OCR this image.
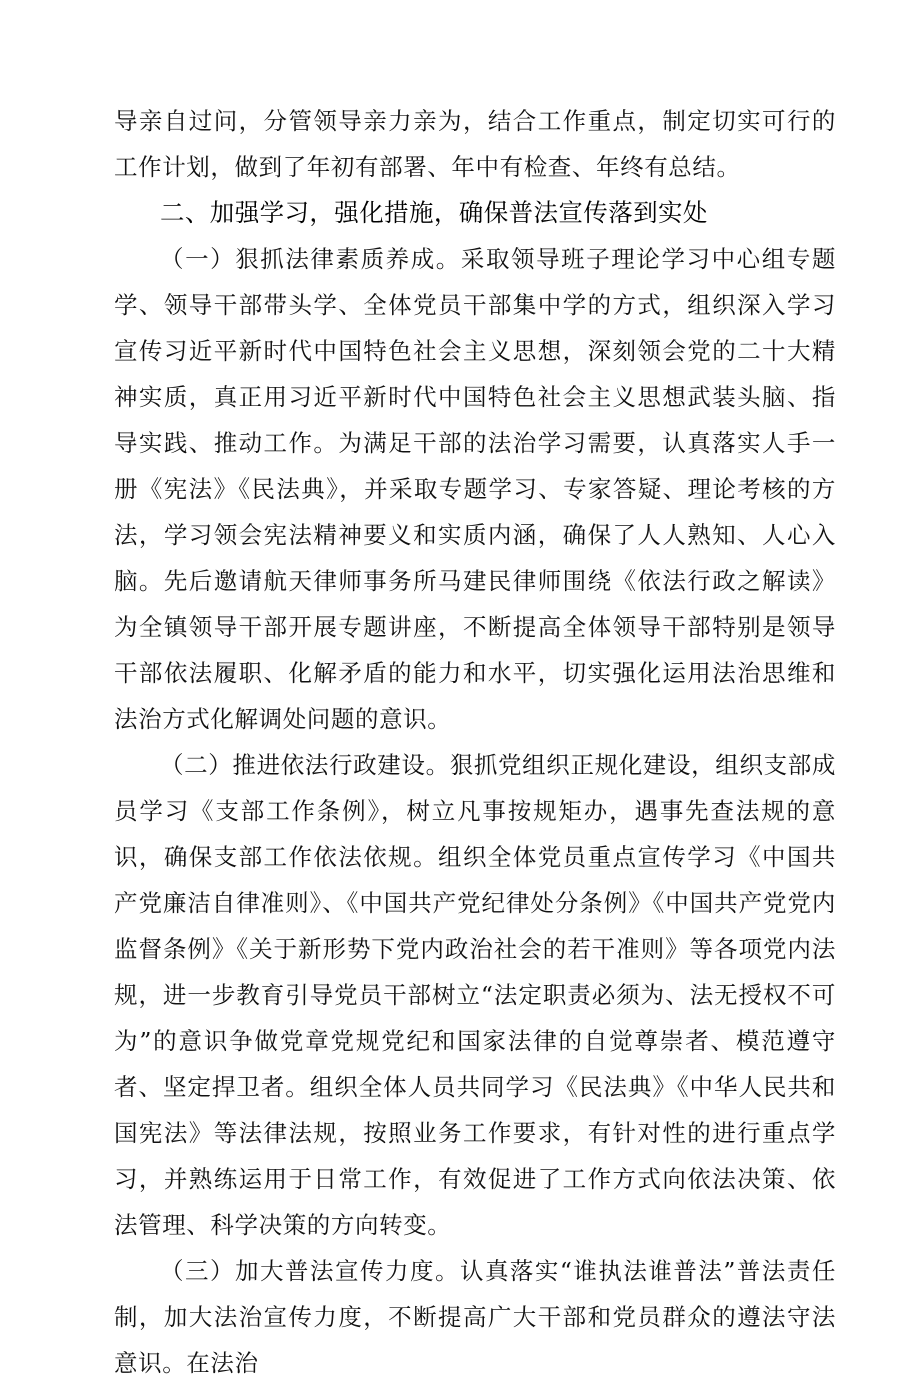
导亲自过问，分管领导亲力亲为，结合工作重点，制定切实可行的工作计划，做到了年初有部署、年中有检查、年终有总结。

二、加强学习，强化措施，确保普法宣传落到实处

（一）狠抓法律素质养成。采取领导班子理论学习中心组专题学、领导干部带头学、全体党员干部集中学的方式，组织深入学习宣传习近平新时代中国特色社会主义思想，深刻领会党的二十大精神实质，真正用习近平新时代中国特色社会主义思想武装头脑、指导实践、推动工作。为满足干部的法治学习需要，认真落实人手一册《宪法》《民法典》，并采取专题学习、专家答疑、理论考核的方法，学习领会宪法精神要义和实质内涵，确保了人人熟知、人心入脑。先后邀请航天律师事务所马建民律师围绕《依法行政之解读》为全镇领导干部开展专题讲座，不断提高全体领导干部特别是领导干部依法履职、化解矛盾的能力和水平，切实强化运用法治思维和法治方式化解调处问题的意识。

（二）推进依法行政建设。狠抓党组织正规化建设，组织支部成员学习《支部工作条例》，树立凡事按规矩办，遇事先查法规的意识，确保支部工作依法依规。组织全体党员重点宣传学习《中国共产党廉洁自律准则》、《中国共产党纪律处分条例》《中国共产党党内监督条例》《关于新形势下党内政治社会的若干准则》等各项党内法规，进一步教育引导党员干部树立“法定职责必须为、法无授权不可为”的意识争做党章党规党纪和国家法律的自觉尊崇者、模范遵守者、坚定捍卫者。组织全体人员共同学习《民法典》《中华人民共和国宪法》等法律法规，按照业务工作要求，有针对性的进行重点学习，并熟练运用于日常工作，有效促进了工作方式向依法决策、依法管理、科学决策的方向转变。

（三）加大普法宣传力度。认真落实“谁执法谁普法”普法责任制，加大法治宣传力度，不断提高广大干部和党员群众的遵法守法意识。在法治
